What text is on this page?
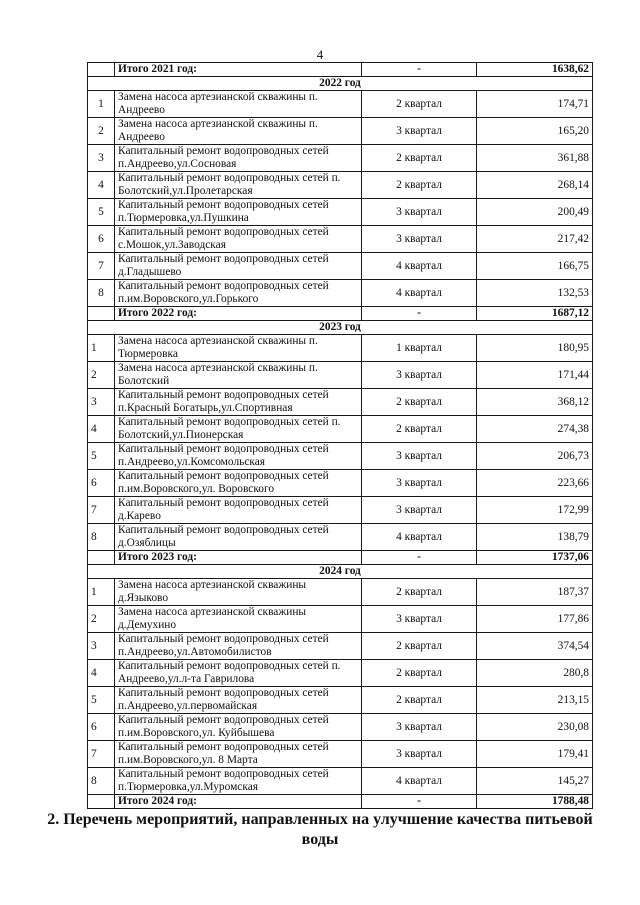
4
	Итого 2021 год:	-	1638,62
2022 год			
1	Замена насоса артезианской скважины п. Андреево	2 квартал	174,71
2	Замена насоса артезианской скважины п. Андреево	3 квартал	165,20
3	Капитальный ремонт водопроводных сетей п.Андреево,ул.Сосновая	2 квартал	361,88
4	Капитальный ремонт водопроводных сетей п. Болотский,ул.Пролетарская	2 квартал	268,14
5	Капитальный ремонт водопроводных сетей п.Тюрмеровка,ул.Пушкина	3 квартал	200,49
6	Капитальный ремонт водопроводных сетей с.Мошок,ул.Заводская	3 квартал	217,42
7	Капитальный ремонт водопроводных сетей д.Гладышево	4 квартал	166,75
8	Капитальный ремонт водопроводных сетей п.им.Воровского,ул.Горького	4 квартал	132,53
	Итого 2022 год:	-	1687,12
2023 год			
1	Замена насоса артезианской скважины п. Тюрмеровка	1 квартал	180,95
2	Замена насоса артезианской скважины п. Болотский	3 квартал	171,44
3	Капитальный ремонт водопроводных сетей п.Красный Богатырь,ул.Спортивная	2 квартал	368,12
4	Капитальный ремонт водопроводных сетей п. Болотский,ул.Пионерская	2 квартал	274,38
5	Капитальный ремонт водопроводных сетей п.Андреево,ул.Комсомольская	3 квартал	206,73
6	Капитальный ремонт водопроводных сетей п.им.Воровского,ул. Воровского	3 квартал	223,66
7	Капитальный ремонт водопроводных сетей д.Карево	3 квартал	172,99
8	Капитальный ремонт водопроводных сетей д.Озяблицы	4 квартал	138,79
	Итого 2023 год:	-	1737,06
2024 год			
1	Замена насоса артезианской скважины д.Языково	2 квартал	187,37
2	Замена насоса артезианской скважины д.Демухино	3 квартал	177,86
3	Капитальный ремонт водопроводных сетей п.Андреево,ул.Автомобилистов	2 квартал	374,54
4	Капитальный ремонт водопроводных сетей п. Андреево,ул.л-та Гаврилова	2 квартал	280,8
5	Капитальный ремонт водопроводных сетей п.Андреево,ул.первомайская	2 квартал	213,15
6	Капитальный ремонт водопроводных сетей п.им.Воровского,ул. Куйбышева	3 квартал	230,08
7	Капитальный ремонт водопроводных сетей п.им.Воровского,ул. 8 Марта	3 квартал	179,41
8	Капитальный ремонт водопроводных сетей п.Тюрмеровка,ул.Муромская	4 квартал	145,27
	Итого 2024 год:	-	1788,48
2. Перечень мероприятий, направленных на улучшение качества питьевой воды
